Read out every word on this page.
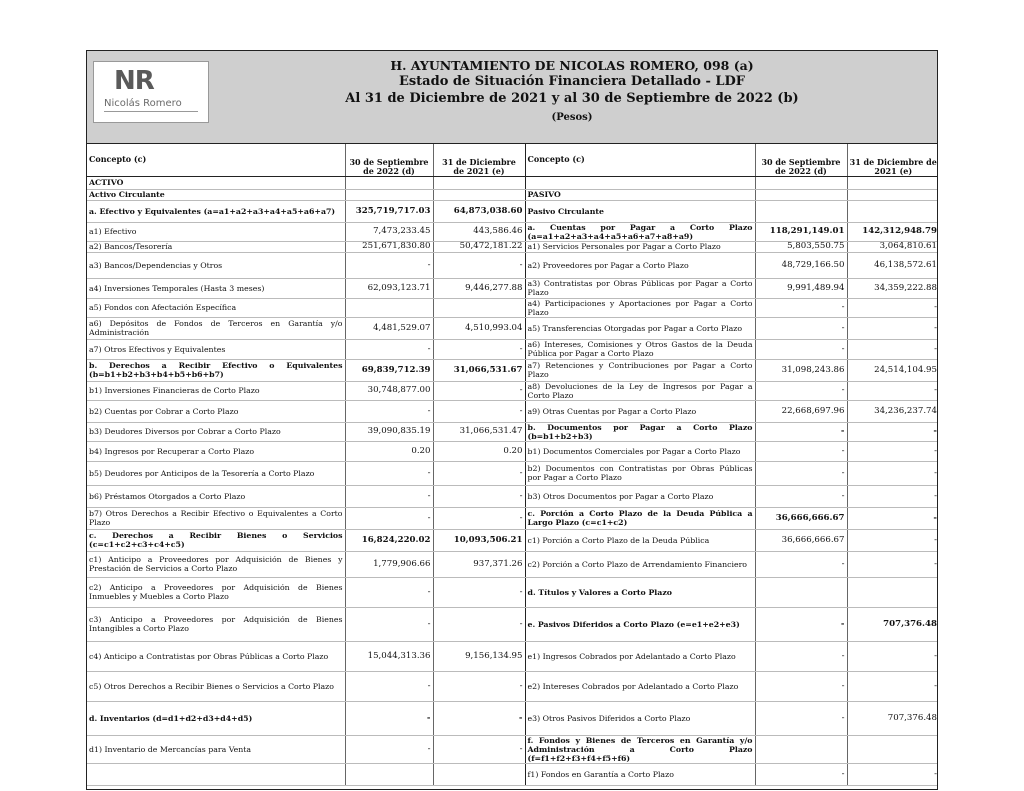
NR
Nicolás Romero
H. AYUNTAMIENTO DE NICOLAS ROMERO, 098 (a)
Estado de Situación Financiera Detallado - LDF
Al 31 de Diciembre de 2021 y al 30 de Septiembre de 2022 (b)
(Pesos)
Concepto (c)	30 de Septiembre de 2022 (d)	31 de Diciembre de 2021 (e)	Concepto (c)	30 de Septiembre de 2022 (d)	31 de Diciembre de 2021 (e)
ACTIVO					
Activo Circulante			PASIVO		
a. Efectivo y Equivalentes (a=a1+a2+a3+a4+a5+a6+a7)	325,719,717.03	64,873,038.60	Pasivo Circulante		
a1) Efectivo	7,473,233.45	443,586.46	a. Cuentas por Pagar a Corto Plazo (a=a1+a2+a3+a4+a5+a6+a7+a8+a9)	118,291,149.01	142,312,948.79
a2) Bancos/Tesorería	251,671,830.80	50,472,181.22	a1) Servicios Personales por Pagar a Corto Plazo	5,803,550.75	3,064,810.61
a3) Bancos/Dependencias y Otros	-	-	a2) Proveedores por Pagar a Corto Plazo	48,729,166.50	46,138,572.61
a4) Inversiones Temporales (Hasta 3 meses)	62,093,123.71	9,446,277.88	a3) Contratistas por Obras Públicas por Pagar a Corto Plazo	9,991,489.94	34,359,222.88
a5) Fondos con Afectación Específica			a4) Participaciones y Aportaciones por Pagar a Corto Plazo	-	-
a6) Depósitos de Fondos de Terceros en Garantía y/o Administración	4,481,529.07	4,510,993.04	a5) Transferencias Otorgadas por Pagar a Corto Plazo	-	-
a7) Otros Efectivos y Equivalentes	-	-	a6) Intereses, Comisiones y Otros Gastos de la Deuda Pública por Pagar a Corto Plazo	-	-
b. Derechos a Recibir Efectivo o Equivalentes (b=b1+b2+b3+b4+b5+b6+b7)	69,839,712.39	31,066,531.67	a7) Retenciones y Contribuciones por Pagar a Corto Plazo	31,098,243.86	24,514,104.95
b1) Inversiones Financieras de Corto Plazo	30,748,877.00	-	a8) Devoluciones de la Ley de Ingresos por Pagar a Corto Plazo	-	-
b2) Cuentas por Cobrar a Corto Plazo	-	-	a9) Otras Cuentas por Pagar a Corto Plazo	22,668,697.96	34,236,237.74
b3) Deudores Diversos por Cobrar a Corto Plazo	39,090,835.19	31,066,531.47	b. Documentos por Pagar a Corto Plazo (b=b1+b2+b3)	-	-
b4) Ingresos por Recuperar a Corto Plazo	0.20	0.20	b1) Documentos Comerciales por Pagar a Corto Plazo	-	-
b5) Deudores por Anticipos de la Tesorería a Corto Plazo	-	-	b2) Documentos con Contratistas por Obras Públicas por Pagar a Corto Plazo	-	-
b6) Préstamos Otorgados a Corto Plazo	-	-	b3) Otros Documentos por Pagar a Corto Plazo	-	-
b7) Otros Derechos a Recibir Efectivo o Equivalentes a Corto Plazo	-	-	c. Porción a Corto Plazo de la Deuda Pública a Largo Plazo (c=c1+c2)	36,666,666.67	-
c. Derechos a Recibir Bienes o Servicios (c=c1+c2+c3+c4+c5)	16,824,220.02	10,093,506.21	c1) Porción a Corto Plazo de la Deuda Pública	36,666,666.67	-
c1) Anticipo a Proveedores por Adquisición de Bienes y Prestación de Servicios a Corto Plazo	1,779,906.66	937,371.26	c2) Porción a Corto Plazo de Arrendamiento Financiero	-	-
c2) Anticipo a Proveedores por Adquisición de Bienes Inmuebles y Muebles a Corto Plazo	-	-	d. Títulos y Valores a Corto Plazo		
c3) Anticipo a Proveedores por Adquisición de Bienes Intangibles a Corto Plazo	-	-	e. Pasivos Diferidos a Corto Plazo (e=e1+e2+e3)	-	707,376.48
c4) Anticipo a Contratistas por Obras Públicas a Corto Plazo	15,044,313.36	9,156,134.95	e1) Ingresos Cobrados por Adelantado a Corto Plazo	-	-
c5) Otros Derechos a Recibir Bienes o Servicios a Corto Plazo	-	-	e2) Intereses Cobrados por Adelantado a Corto Plazo	-	-
d. Inventarios (d=d1+d2+d3+d4+d5)	-	-	e3) Otros Pasivos Diferidos a Corto Plazo	-	707,376.48
d1) Inventario de Mercancías para Venta	-	-	f. Fondos y Bienes de Terceros en Garantía y/o Administración a Corto Plazo (f=f1+f2+f3+f4+f5+f6)		
			f1) Fondos en Garantía a Corto Plazo	-	-
